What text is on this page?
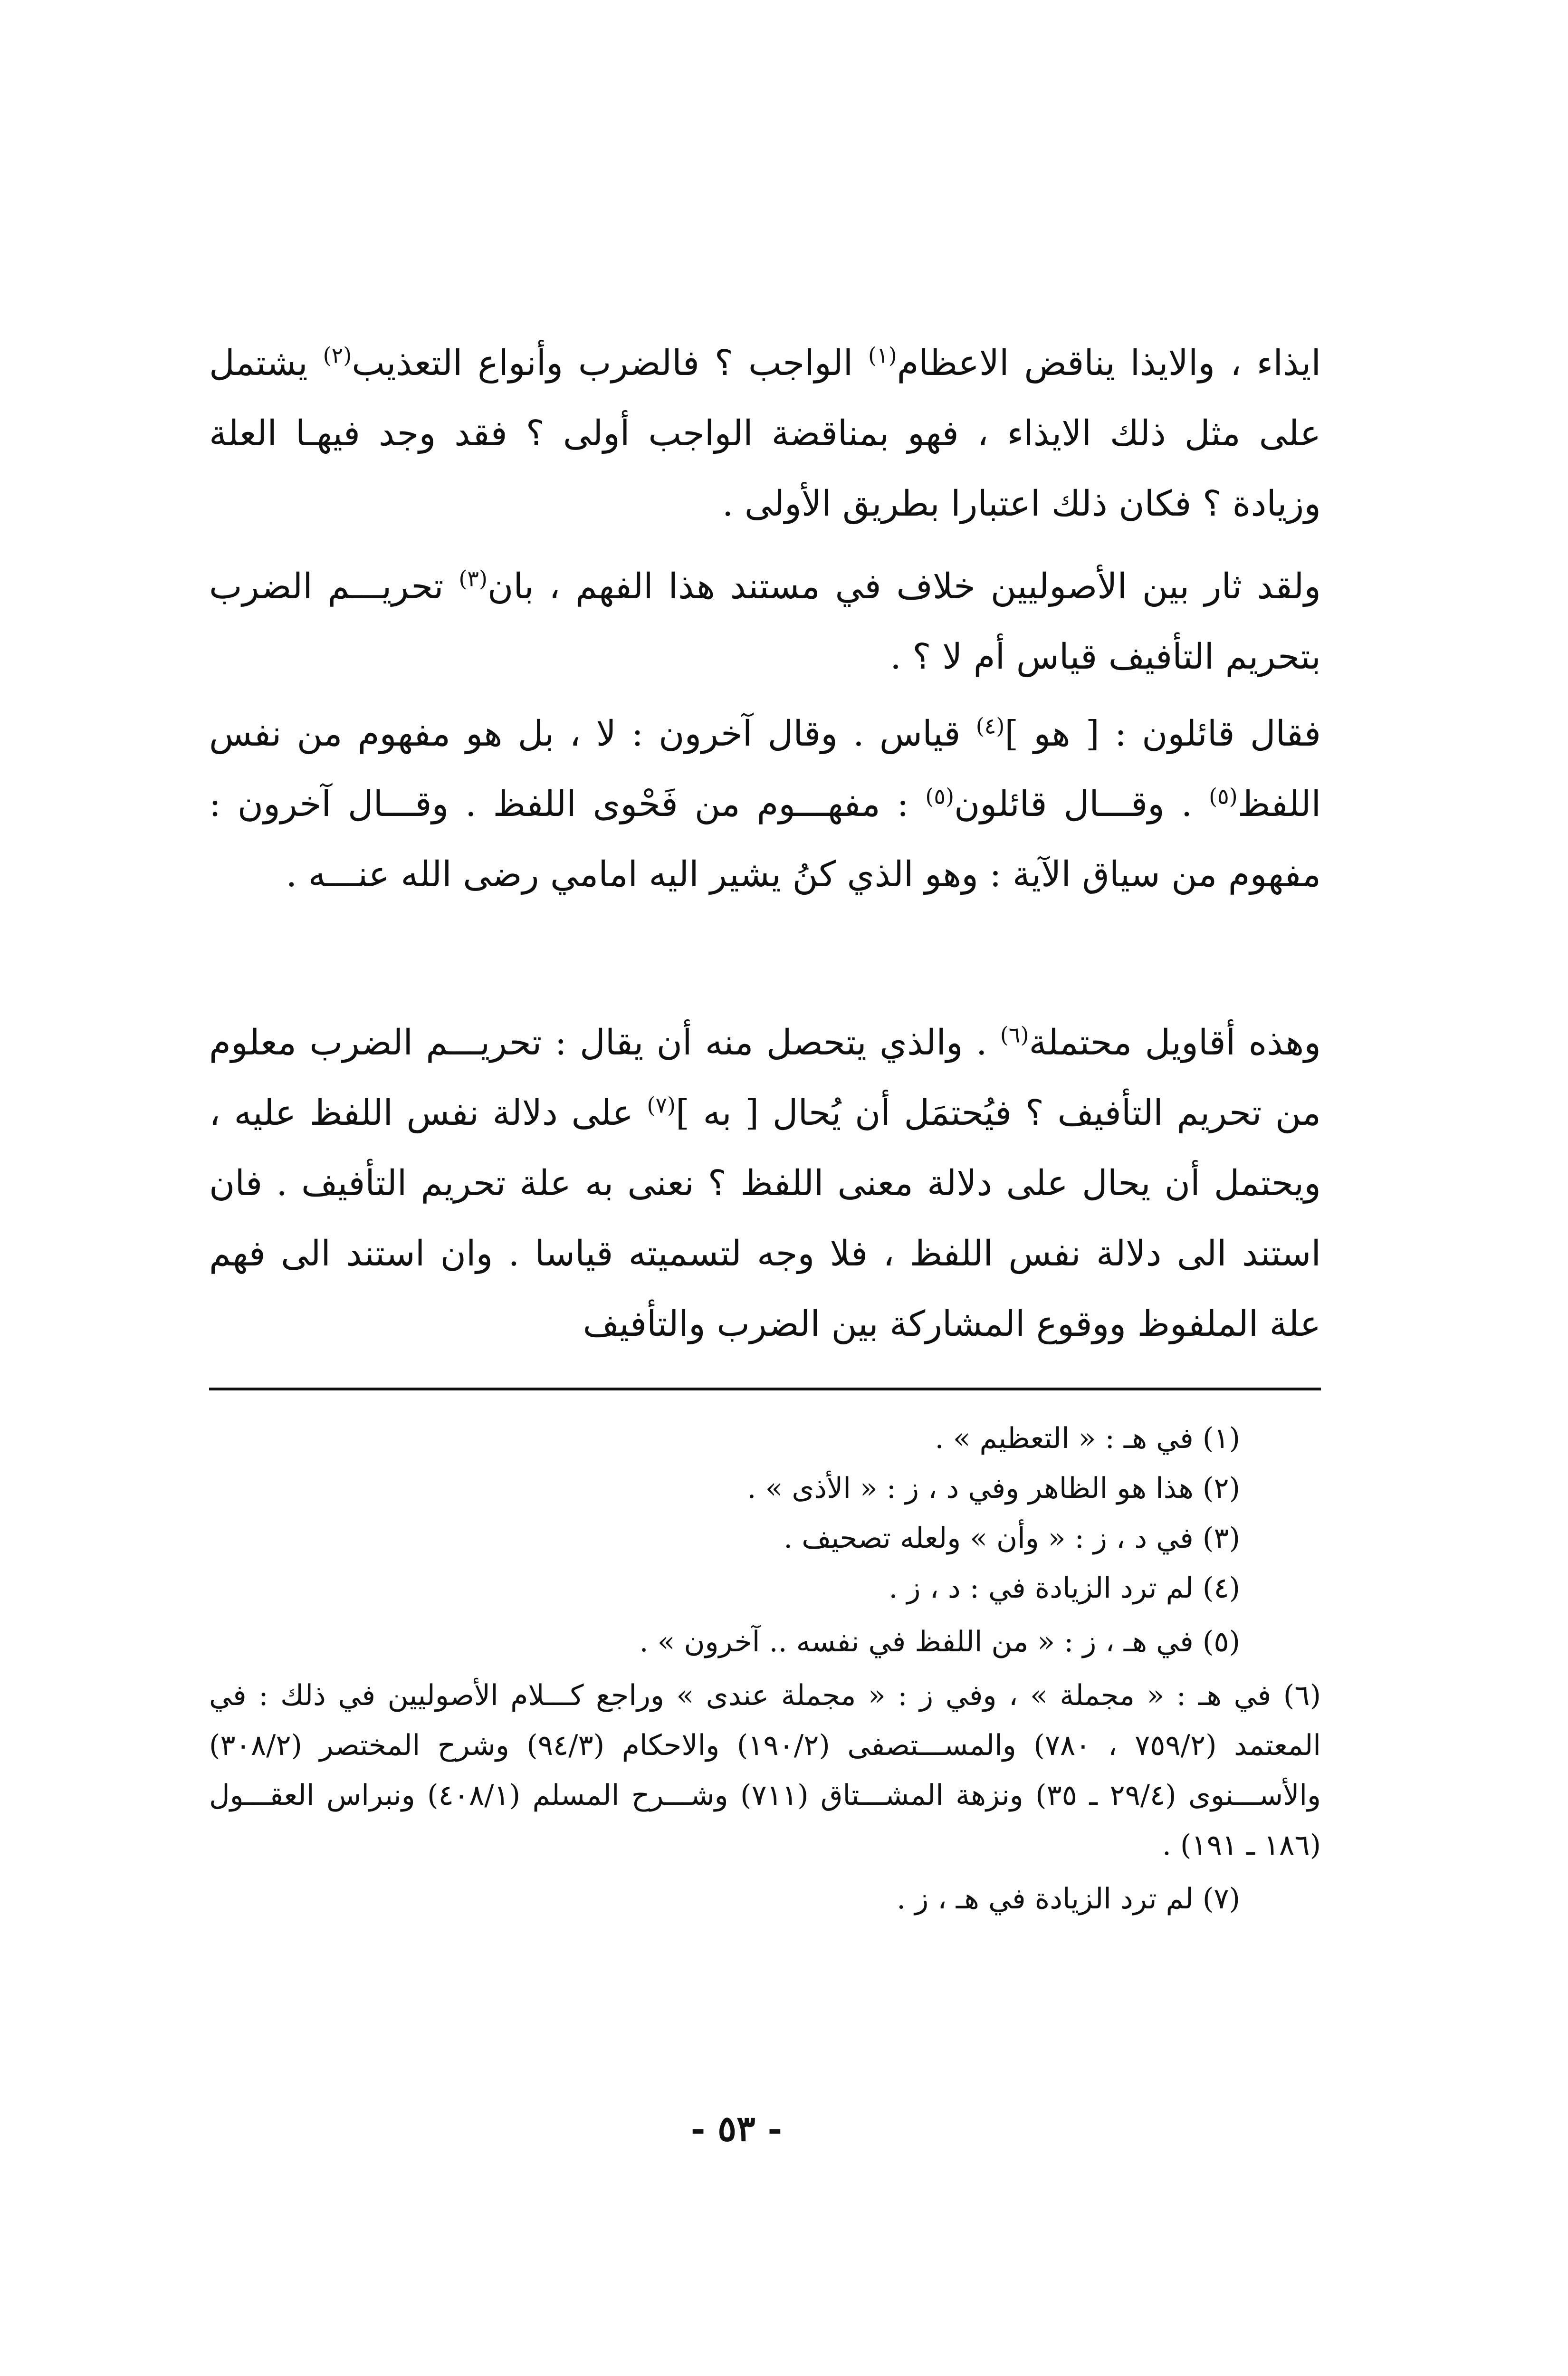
ايذاء ، والايذا يناقض الاعظام$^{(١)}$ الواجب ؟ فالضرب وأنواع التعذيب$^{(٢)}$ يشتمل على مثل ذلك الايذاء ، فهو بمناقضة الواجب أولى ؟ فقد وجد فيهـا العلة وزيادة ؟ فكان ذلك اعتبارا بطريق الأولى .

ولقد ثار بين الأصوليين خلاف في مستند هذا الفهم ، بان$^{(٣)}$ تحريـــم الضرب بتحريم التأفيف قياس أم لا ؟ .

فقال قائلون : [ هو ]$^{(٤)}$ قياس . وقال آخرون : لا ، بل هو مفهوم من نفس اللفظ$^{(٥)}$ . وقـــال قائلون$^{(٥)}$ : مفهـــوم من فَحْوى اللفظ . وقـــال آخرون : مفهوم من سياق الآية : وهو الذي كنُ يشير اليه امامي رضى الله عنـــه .

وهذه أقاويل محتملة$^{(٦)}$ . والذي يتحصل منه أن يقال : تحريـــم الضرب معلوم من تحريم التأفيف ؟ فيُحتمَل أن يُحال [ به ]$^{(٧)}$ على دلالة نفس اللفظ عليه ، ويحتمل أن يحال على دلالة معنى اللفظ ؟ نعنى به علة تحريم التأفيف . فان استند الى دلالة نفس اللفظ ، فلا وجه لتسميته قياسا . وان استند الى فهم علة الملفوظ ووقوع المشاركة بين الضرب والتأفيف

(١) في هـ : « التعظيم » .
(٢) هذا هو الظاهر وفي د ، ز : « الأذى » .
(٣) في د ، ز : « وأن » ولعله تصحيف .
(٤) لم ترد الزيادة في : د ، ز .
(٥) في هـ ، ز : « من اللفظ في نفسه .. آخرون » .
(٦) في هـ : « مجملة » ، وفي ز : « مجملة عندى » وراجع كـــلام الأصوليين في ذلك : في المعتمد (٧٥٩/٢ ، ٧٨٠) والمســـتصفى (١٩٠/٢) والاحكام (٩٤/٣) وشرح المختصر (٣٠٨/٢) والأســـنوى (٢٩/٤ ـ ٣٥) ونزهة المشـــتاق (٧١١) وشـــرح المسلم (٤٠٨/١) ونبراس العقـــول (١٨٦ ـ ١٩١) .
(٧) لم ترد الزيادة في هـ ، ز .
- ٥٣ -
